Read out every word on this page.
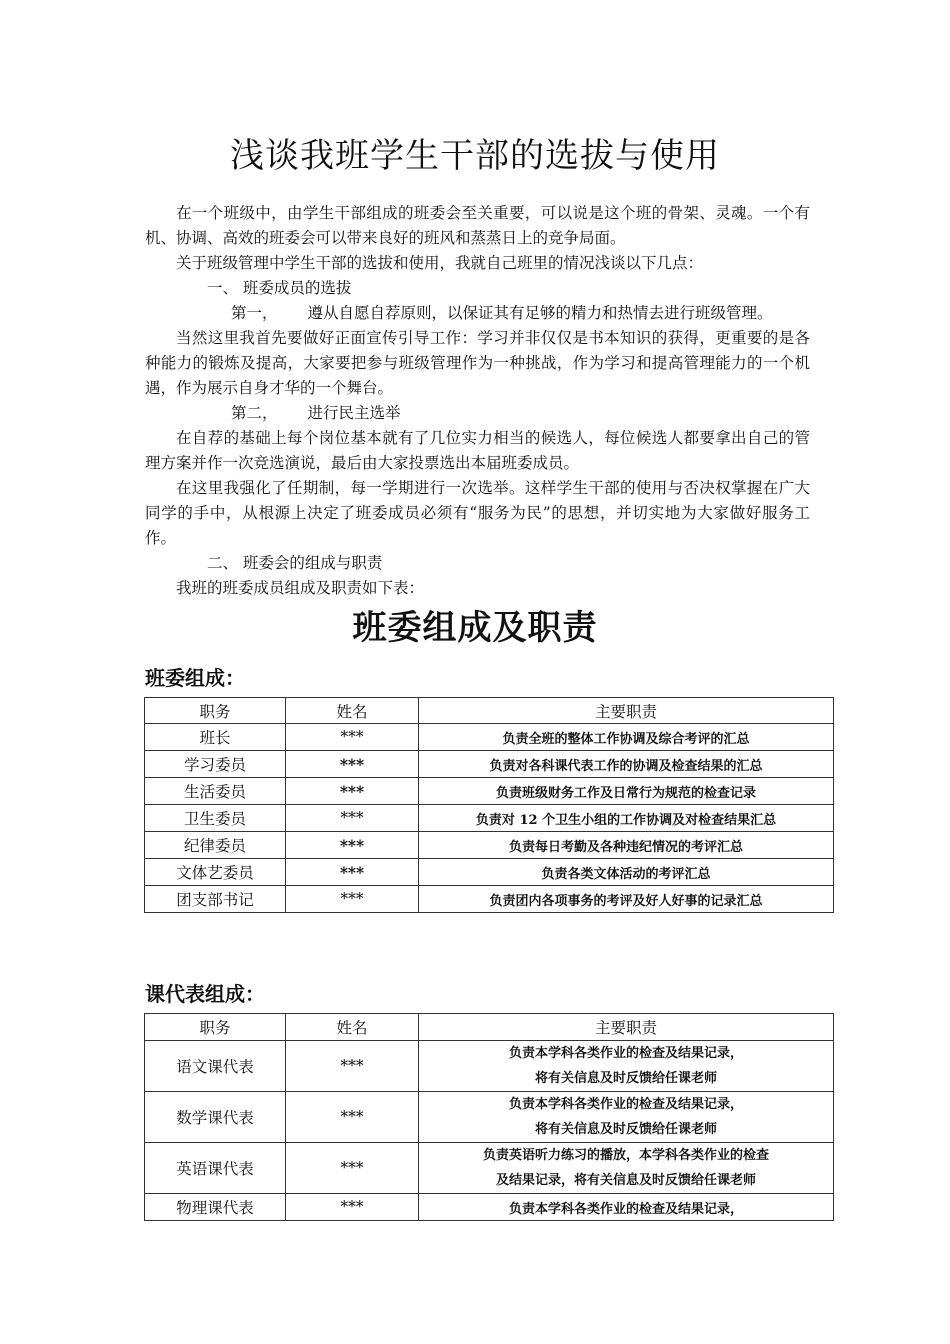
浅谈我班学生干部的选拔与使用

在一个班级中，由学生干部组成的班委会至关重要，可以说是这个班的骨架、灵魂。一个有机、协调、高效的班委会可以带来良好的班风和蒸蒸日上的竞争局面。

关于班级管理中学生干部的选拔和使用，我就自己班里的情况浅谈以下几点：

一、 班委成员的选拔

第一， 遵从自愿自荐原则，以保证其有足够的精力和热情去进行班级管理。

当然这里我首先要做好正面宣传引导工作：学习并非仅仅是书本知识的获得，更重要的是各种能力的锻炼及提高，大家要把参与班级管理作为一种挑战，作为学习和提高管理能力的一个机遇，作为展示自身才华的一个舞台。

第二， 进行民主选举

在自荐的基础上每个岗位基本就有了几位实力相当的候选人，每位候选人都要拿出自己的管理方案并作一次竞选演说，最后由大家投票选出本届班委成员。

在这里我强化了任期制，每一学期进行一次选举。这样学生干部的使用与否决权掌握在广大同学的手中，从根源上决定了班委成员必须有“服务为民”的思想，并切实地为大家做好服务工作。

二、 班委会的组成与职责

我班的班委成员组成及职责如下表：

班委组成及职责
班委组成：
职务	姓名	主要职责
班长	***	负责全班的整体工作协调及综合考评的汇总
学习委员	***	负责对各科课代表工作的协调及检查结果的汇总
生活委员	***	负责班级财务工作及日常行为规范的检查记录
卫生委员	***	负责对 12 个卫生小组的工作协调及对检查结果汇总
纪律委员	***	负责每日考勤及各种违纪情况的考评汇总
文体艺委员	***	负责各类文体活动的考评汇总
团支部书记	***	负责团内各项事务的考评及好人好事的记录汇总
课代表组成：
职务	姓名	主要职责
语文课代表	***	负责本学科各类作业的检查及结果记录，
将有关信息及时反馈给任课老师

数学课代表	***	负责本学科各类作业的检查及结果记录，
将有关信息及时反馈给任课老师

英语课代表	***	负责英语听力练习的播放，本学科各类作业的检查
及结果记录，将有关信息及时反馈给任课老师

物理课代表	***	负责本学科各类作业的检查及结果记录，
